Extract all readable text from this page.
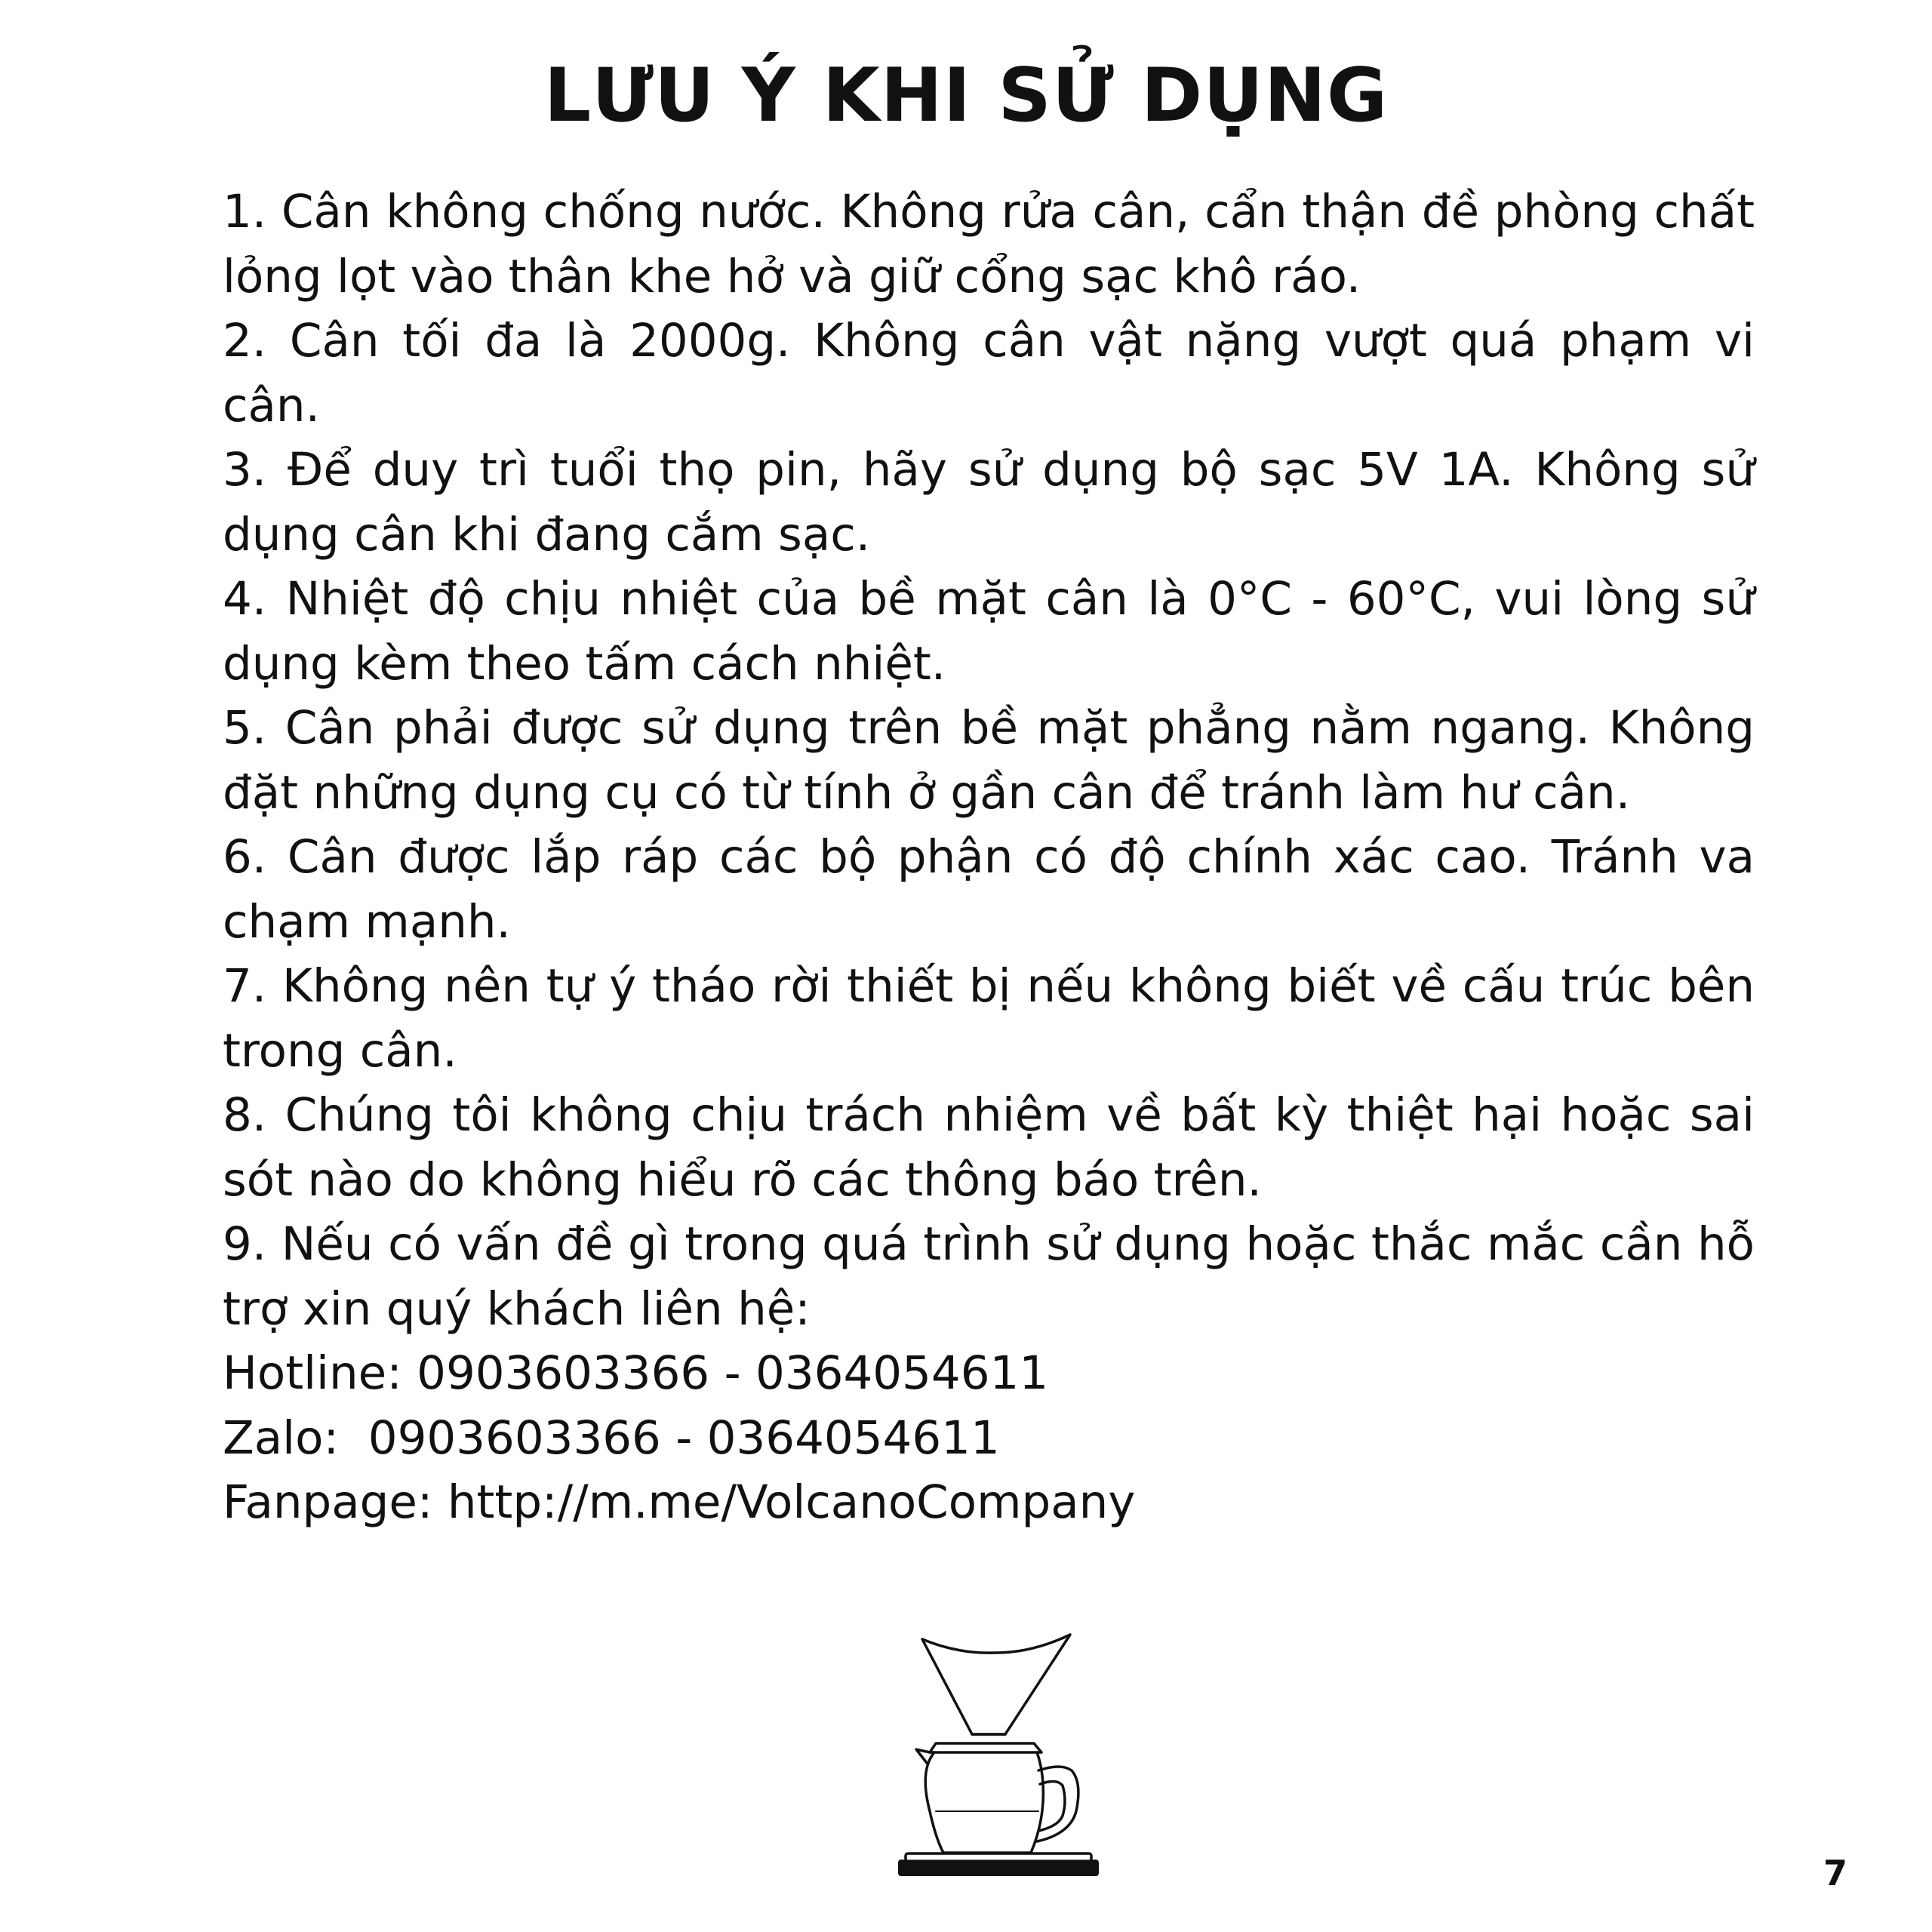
LƯU Ý KHI SỬ DỤNG

1. Cân không chống nước. Không rửa cân, cẩn thận đề phòng chất lỏng lọt vào thân khe hở và giữ cổng sạc khô ráo.

2. Cân tối đa là 2000g. Không cân vật nặng vượt quá phạm vi cân.

3. Để duy trì tuổi thọ pin, hãy sử dụng bộ sạc 5V 1A. Không sử dụng cân khi đang cắm sạc.

4. Nhiệt độ chịu nhiệt của bề mặt cân là 0°C - 60°C, vui lòng sử dụng kèm theo tấm cách nhiệt.

5. Cân phải được sử dụng trên bề mặt phẳng nằm ngang. Không đặt những dụng cụ có từ tính ở gần cân để tránh làm hư cân.

6. Cân được lắp ráp các bộ phận có độ chính xác cao. Tránh va chạm mạnh.

7. Không nên tự ý tháo rời thiết bị nếu không biết về cấu trúc bên trong cân.

8. Chúng tôi không chịu trách nhiệm về bất kỳ thiệt hại hoặc sai sót nào do không hiểu rõ các thông báo trên.

9. Nếu có vấn đề gì trong quá trình sử dụng hoặc thắc mắc cần hỗ trợ xin quý khách liên hệ:

Hotline: 0903603366 - 0364054611

Zalo:  0903603366 - 0364054611

Fanpage: http://m.me/VolcanoCompany

7
